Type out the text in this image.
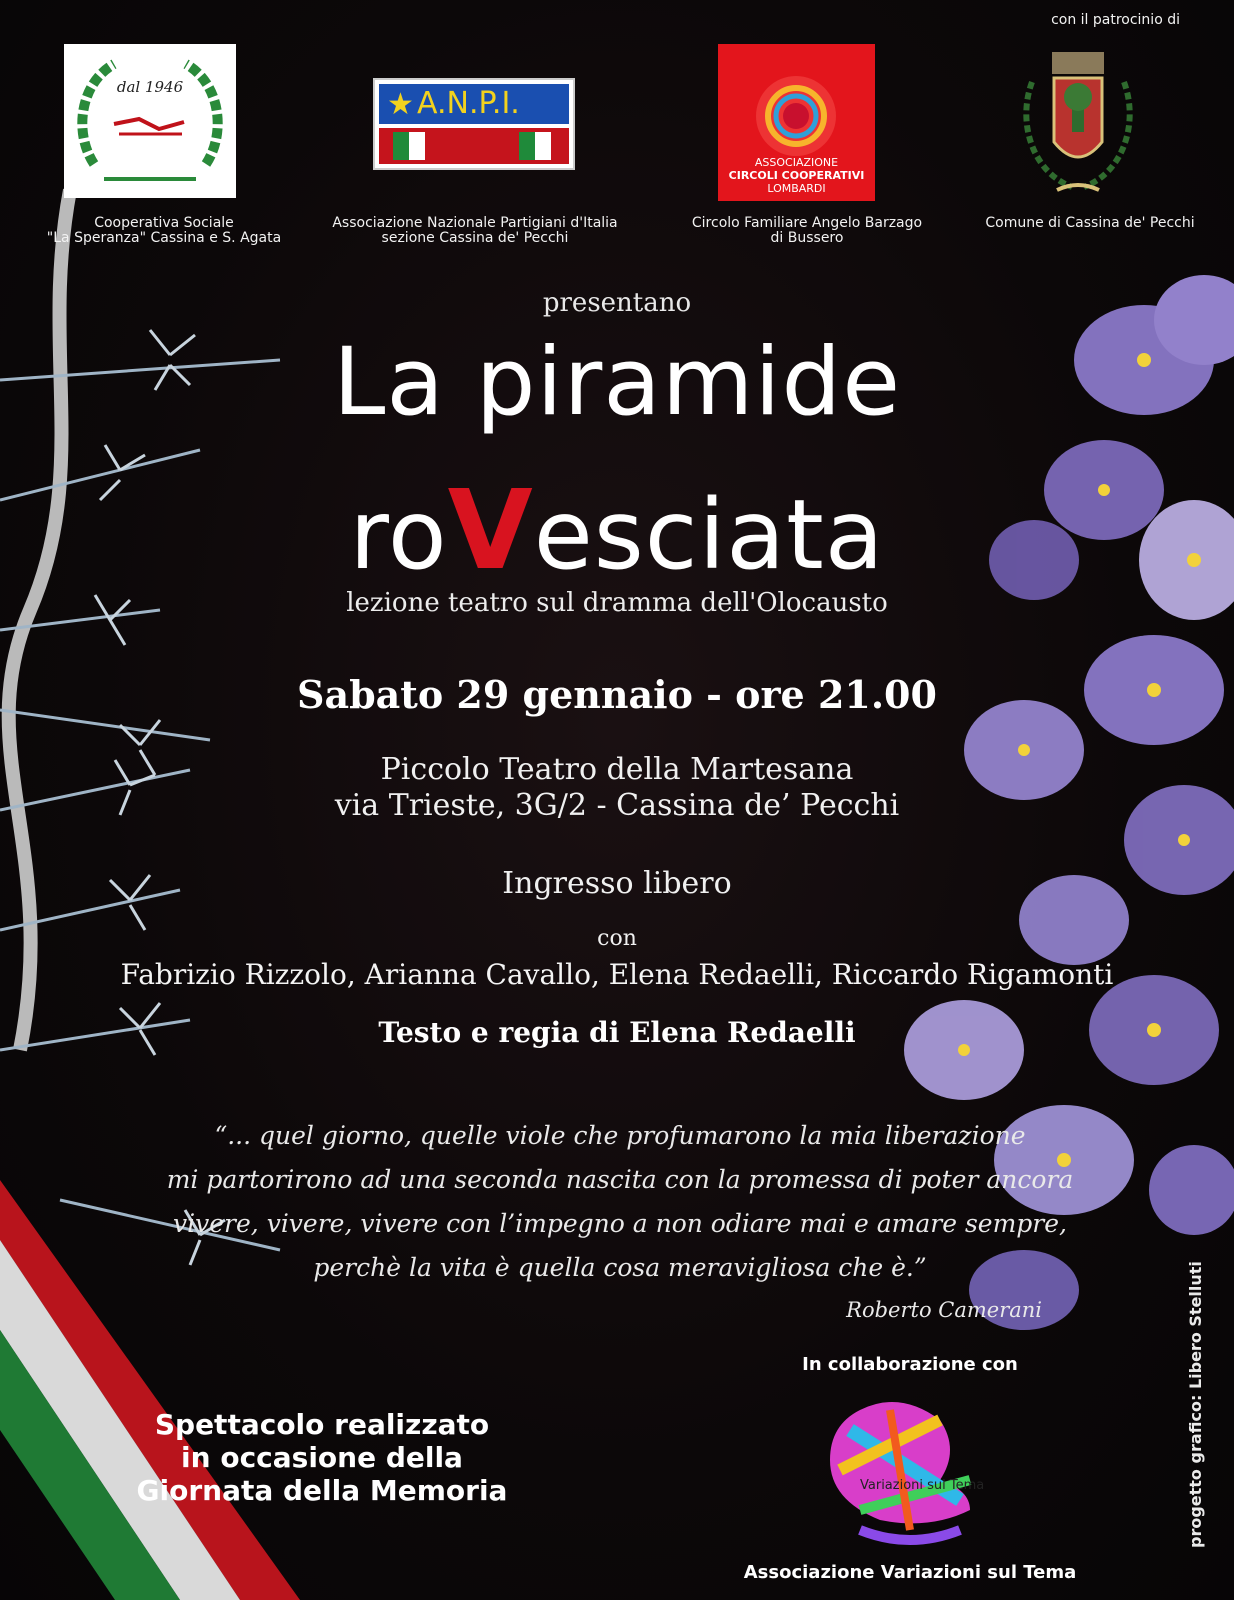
dal 1946	★ A.N.P.I.
ASSOCIAZIONE
CIRCOLI COOPERATIVI
LOMBARDI
con il patrocinio di
Cooperativa Sociale
"La Speranza" Cassina e S. Agata
Associazione Nazionale Partigiani d'Italia
sezione Cassina de' Pecchi
Circolo Familiare Angelo Barzago
di Bussero
Comune di Cassina de' Pecchi
presentano
La piramide
roVesciata
lezione teatro sul dramma dell'Olocausto
Sabato 29 gennaio - ore 21.00
Piccolo Teatro della Martesana
via Trieste, 3G/2 - Cassina de’ Pecchi
Ingresso libero
con
Fabrizio Rizzolo, Arianna Cavallo, Elena Redaelli, Riccardo Rigamonti
Testo e regia di Elena Redaelli
“... quel giorno, quelle viole che profumarono la mia liberazione
mi partorirono ad una seconda nascita con la promessa di poter ancora
vivere, vivere, vivere con l’impegno a non odiare mai e amare sempre,
perchè la vita è quella cosa meravigliosa che è.”
Roberto Camerani
In collaborazione con
Variazioni sul Tema
Associazione Variazioni sul Tema
Spettacolo realizzato
in occasione della
Giornata della Memoria	progetto grafico: Libero Stelluti
